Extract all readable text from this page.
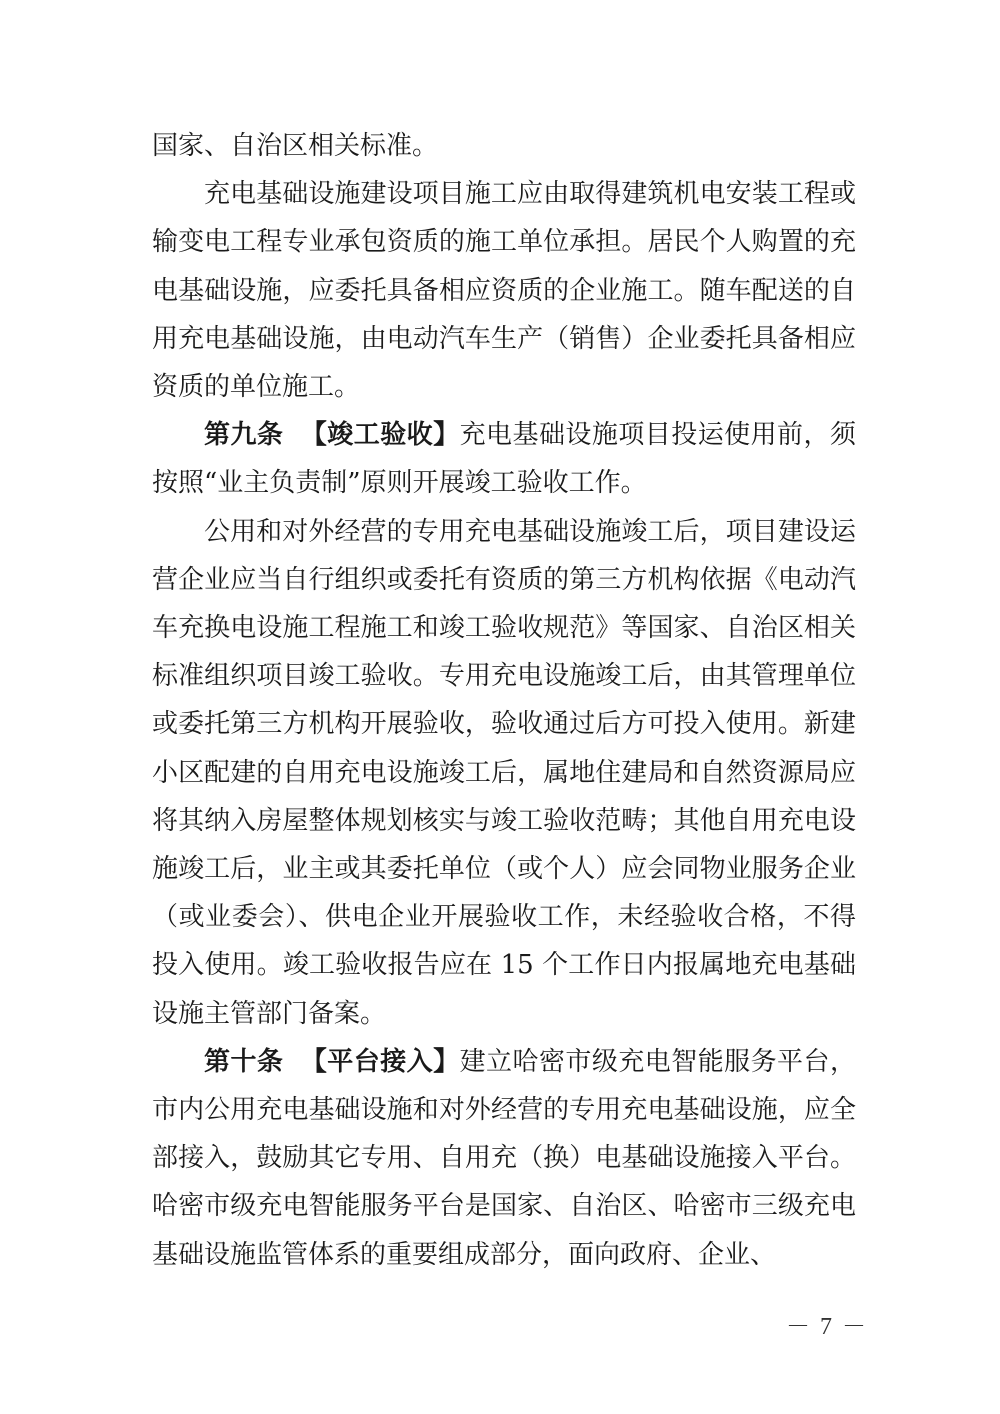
国家、自治区相关标准。

充电基础设施建设项目施工应由取得建筑机电安装工程或输变电工程专业承包资质的施工单位承担。居民个人购置的充电基础设施，应委托具备相应资质的企业施工。随车配送的自用充电基础设施，由电动汽车生产（销售）企业委托具备相应资质的单位施工。

第九条 【竣工验收】充电基础设施项目投运使用前，须按照“业主负责制”原则开展竣工验收工作。

公用和对外经营的专用充电基础设施竣工后，项目建设运营企业应当自行组织或委托有资质的第三方机构依据《电动汽车充换电设施工程施工和竣工验收规范》等国家、自治区相关标准组织项目竣工验收。专用充电设施竣工后，由其管理单位或委托第三方机构开展验收，验收通过后方可投入使用。新建小区配建的自用充电设施竣工后，属地住建局和自然资源局应将其纳入房屋整体规划核实与竣工验收范畴；其他自用充电设施竣工后，业主或其委托单位（或个人）应会同物业服务企业（或业委会）、供电企业开展验收工作，未经验收合格，不得投入使用。竣工验收报告应在 15 个工作日内报属地充电基础设施主管部门备案。

第十条 【平台接入】建立哈密市级充电智能服务平台，市内公用充电基础设施和对外经营的专用充电基础设施，应全部接入，鼓励其它专用、自用充（换）电基础设施接入平台。哈密市级充电智能服务平台是国家、自治区、哈密市三级充电基础设施监管体系的重要组成部分，面向政府、企业、

－ 7 －
